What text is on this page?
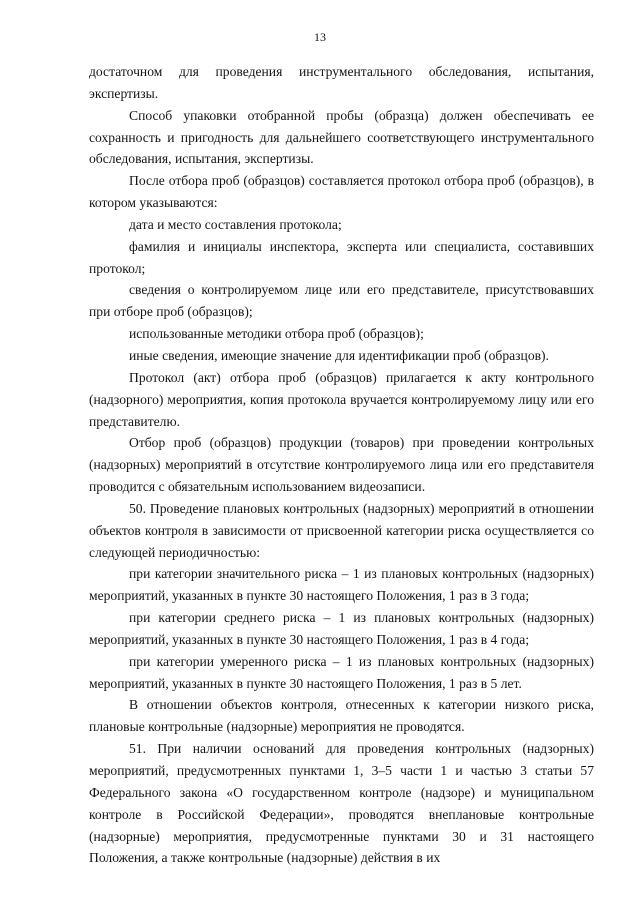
13

достаточном для проведения инструментального обследования, испытания, экспертизы.

Способ упаковки отобранной пробы (образца) должен обеспечивать ее сохранность и пригодность для дальнейшего соответствующего инструментального обследования, испытания, экспертизы.

После отбора проб (образцов) составляется протокол отбора проб (образцов), в котором указываются:

дата и место составления протокола;

фамилия и инициалы инспектора, эксперта или специалиста, составивших протокол;

сведения о контролируемом лице или его представителе, присутствовавших при отборе проб (образцов);

использованные методики отбора проб (образцов);

иные сведения, имеющие значение для идентификации проб (образцов).

Протокол (акт) отбора проб (образцов) прилагается к акту контрольного (надзорного) мероприятия, копия протокола вручается контролируемому лицу или его представителю.

Отбор проб (образцов) продукции (товаров) при проведении контрольных (надзорных) мероприятий в отсутствие контролируемого лица или его представителя проводится с обязательным использованием видеозаписи.

50. Проведение плановых контрольных (надзорных) мероприятий в отношении объектов контроля в зависимости от присвоенной категории риска осуществляется со следующей периодичностью:

при категории значительного риска – 1 из плановых контрольных (надзорных) мероприятий, указанных в пункте 30 настоящего Положения, 1 раз в 3 года;

при категории среднего риска – 1 из плановых контрольных (надзорных) мероприятий, указанных в пункте 30 настоящего Положения, 1 раз в 4 года;

при категории умеренного риска – 1 из плановых контрольных (надзорных) мероприятий, указанных в пункте 30 настоящего Положения, 1 раз в 5 лет.

В отношении объектов контроля, отнесенных к категории низкого риска, плановые контрольные (надзорные) мероприятия не проводятся.

51. При наличии оснований для проведения контрольных (надзорных) мероприятий, предусмотренных пунктами 1, 3–5 части 1 и частью 3 статьи 57 Федерального закона «О государственном контроле (надзоре) и муниципальном контроле в Российской Федерации», проводятся внеплановые контрольные (надзорные) мероприятия, предусмотренные пунктами 30 и 31 настоящего Положения, а также контрольные (надзорные) действия в их
